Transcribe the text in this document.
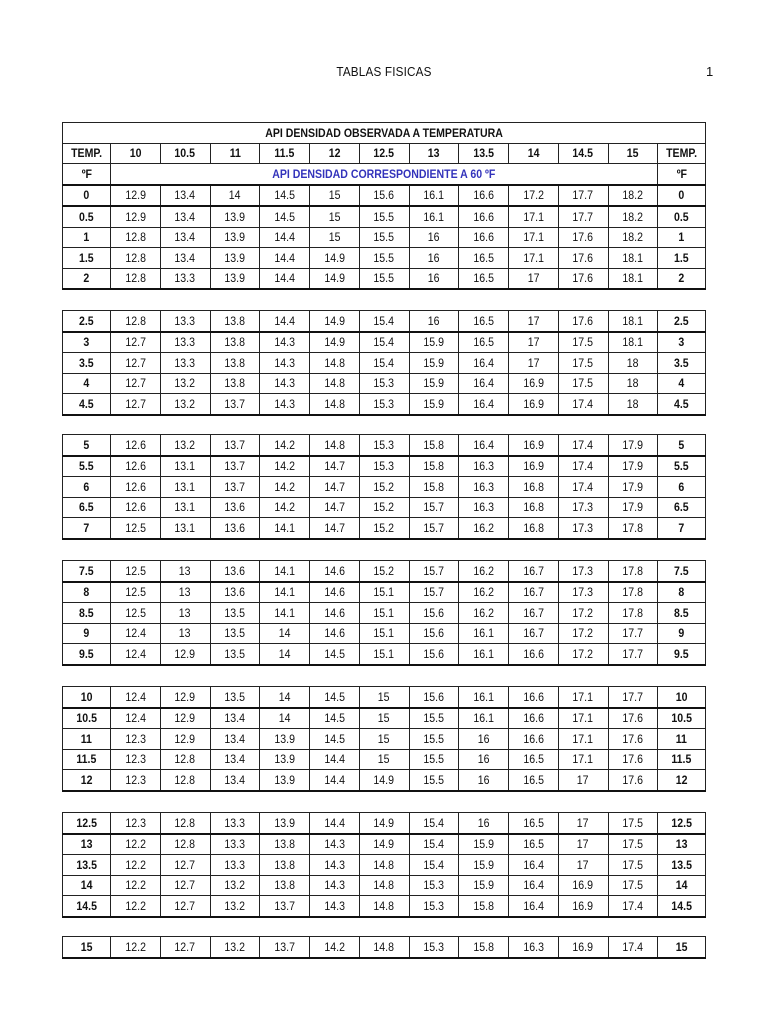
TABLAS FISICAS	1
API DENSIDAD OBSERVADA A TEMPERATURA												
TEMP.	10	10.5	11	11.5	12	12.5	13	13.5	14	14.5	15	TEMP.
ºF	API DENSIDAD CORRESPONDIENTE A 60 ºF											ºF
0	12.9	13.4	14	14.5	15	15.6	16.1	16.6	17.2	17.7	18.2	0
0.5	12.9	13.4	13.9	14.5	15	15.5	16.1	16.6	17.1	17.7	18.2	0.5
1	12.8	13.4	13.9	14.4	15	15.5	16	16.6	17.1	17.6	18.2	1
1.5	12.8	13.4	13.9	14.4	14.9	15.5	16	16.5	17.1	17.6	18.1	1.5
2	12.8	13.3	13.9	14.4	14.9	15.5	16	16.5	17	17.6	18.1	2
2.5	12.8	13.3	13.8	14.4	14.9	15.4	16	16.5	17	17.6	18.1	2.5
3	12.7	13.3	13.8	14.3	14.9	15.4	15.9	16.5	17	17.5	18.1	3
3.5	12.7	13.3	13.8	14.3	14.8	15.4	15.9	16.4	17	17.5	18	3.5
4	12.7	13.2	13.8	14.3	14.8	15.3	15.9	16.4	16.9	17.5	18	4
4.5	12.7	13.2	13.7	14.3	14.8	15.3	15.9	16.4	16.9	17.4	18	4.5
5	12.6	13.2	13.7	14.2	14.8	15.3	15.8	16.4	16.9	17.4	17.9	5
5.5	12.6	13.1	13.7	14.2	14.7	15.3	15.8	16.3	16.9	17.4	17.9	5.5
6	12.6	13.1	13.7	14.2	14.7	15.2	15.8	16.3	16.8	17.4	17.9	6
6.5	12.6	13.1	13.6	14.2	14.7	15.2	15.7	16.3	16.8	17.3	17.9	6.5
7	12.5	13.1	13.6	14.1	14.7	15.2	15.7	16.2	16.8	17.3	17.8	7
7.5	12.5	13	13.6	14.1	14.6	15.2	15.7	16.2	16.7	17.3	17.8	7.5
8	12.5	13	13.6	14.1	14.6	15.1	15.7	16.2	16.7	17.3	17.8	8
8.5	12.5	13	13.5	14.1	14.6	15.1	15.6	16.2	16.7	17.2	17.8	8.5
9	12.4	13	13.5	14	14.6	15.1	15.6	16.1	16.7	17.2	17.7	9
9.5	12.4	12.9	13.5	14	14.5	15.1	15.6	16.1	16.6	17.2	17.7	9.5
10	12.4	12.9	13.5	14	14.5	15	15.6	16.1	16.6	17.1	17.7	10
10.5	12.4	12.9	13.4	14	14.5	15	15.5	16.1	16.6	17.1	17.6	10.5
11	12.3	12.9	13.4	13.9	14.5	15	15.5	16	16.6	17.1	17.6	11
11.5	12.3	12.8	13.4	13.9	14.4	15	15.5	16	16.5	17.1	17.6	11.5
12	12.3	12.8	13.4	13.9	14.4	14.9	15.5	16	16.5	17	17.6	12
12.5	12.3	12.8	13.3	13.9	14.4	14.9	15.4	16	16.5	17	17.5	12.5
13	12.2	12.8	13.3	13.8	14.3	14.9	15.4	15.9	16.5	17	17.5	13
13.5	12.2	12.7	13.3	13.8	14.3	14.8	15.4	15.9	16.4	17	17.5	13.5
14	12.2	12.7	13.2	13.8	14.3	14.8	15.3	15.9	16.4	16.9	17.5	14
14.5	12.2	12.7	13.2	13.7	14.3	14.8	15.3	15.8	16.4	16.9	17.4	14.5
15	12.2	12.7	13.2	13.7	14.2	14.8	15.3	15.8	16.3	16.9	17.4	15
